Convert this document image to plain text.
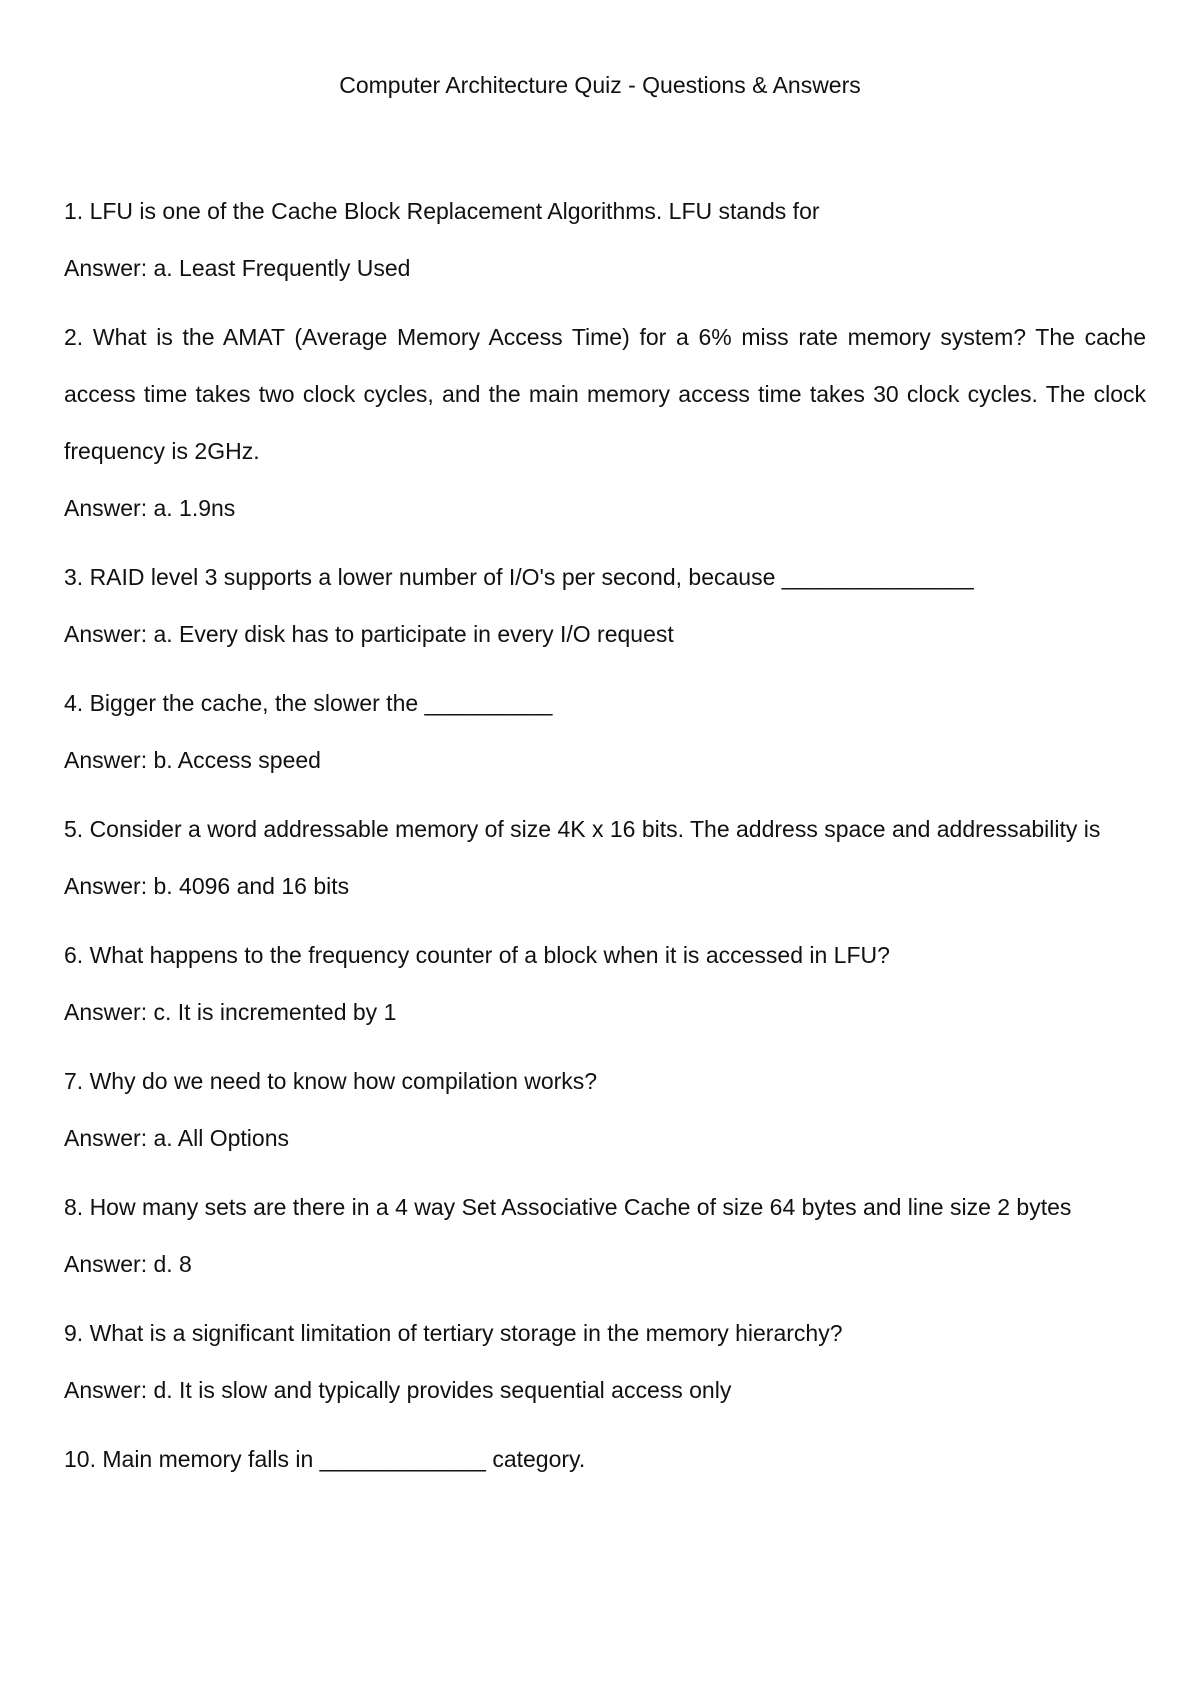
Computer Architecture Quiz - Questions & Answers

1. LFU is one of the Cache Block Replacement Algorithms. LFU stands for

Answer: a. Least Frequently Used

2. What is the AMAT (Average Memory Access Time) for a 6% miss rate memory system? The cache access time takes two clock cycles, and the main memory access time takes 30 clock cycles. The clock frequency is 2GHz.

Answer: a. 1.9ns

3. RAID level 3 supports a lower number of I/O's per second, because _______________

Answer: a. Every disk has to participate in every I/O request

4. Bigger the cache, the slower the __________

Answer: b. Access speed

5. Consider a word addressable memory of size 4K x 16 bits. The address space and addressability is

Answer: b. 4096 and 16 bits

6. What happens to the frequency counter of a block when it is accessed in LFU?

Answer: c. It is incremented by 1

7. Why do we need to know how compilation works?

Answer: a. All Options

8. How many sets are there in a 4 way Set Associative Cache of size 64 bytes and line size 2 bytes

Answer: d. 8

9. What is a significant limitation of tertiary storage in the memory hierarchy?

Answer: d. It is slow and typically provides sequential access only

10. Main memory falls in _____________ category.
